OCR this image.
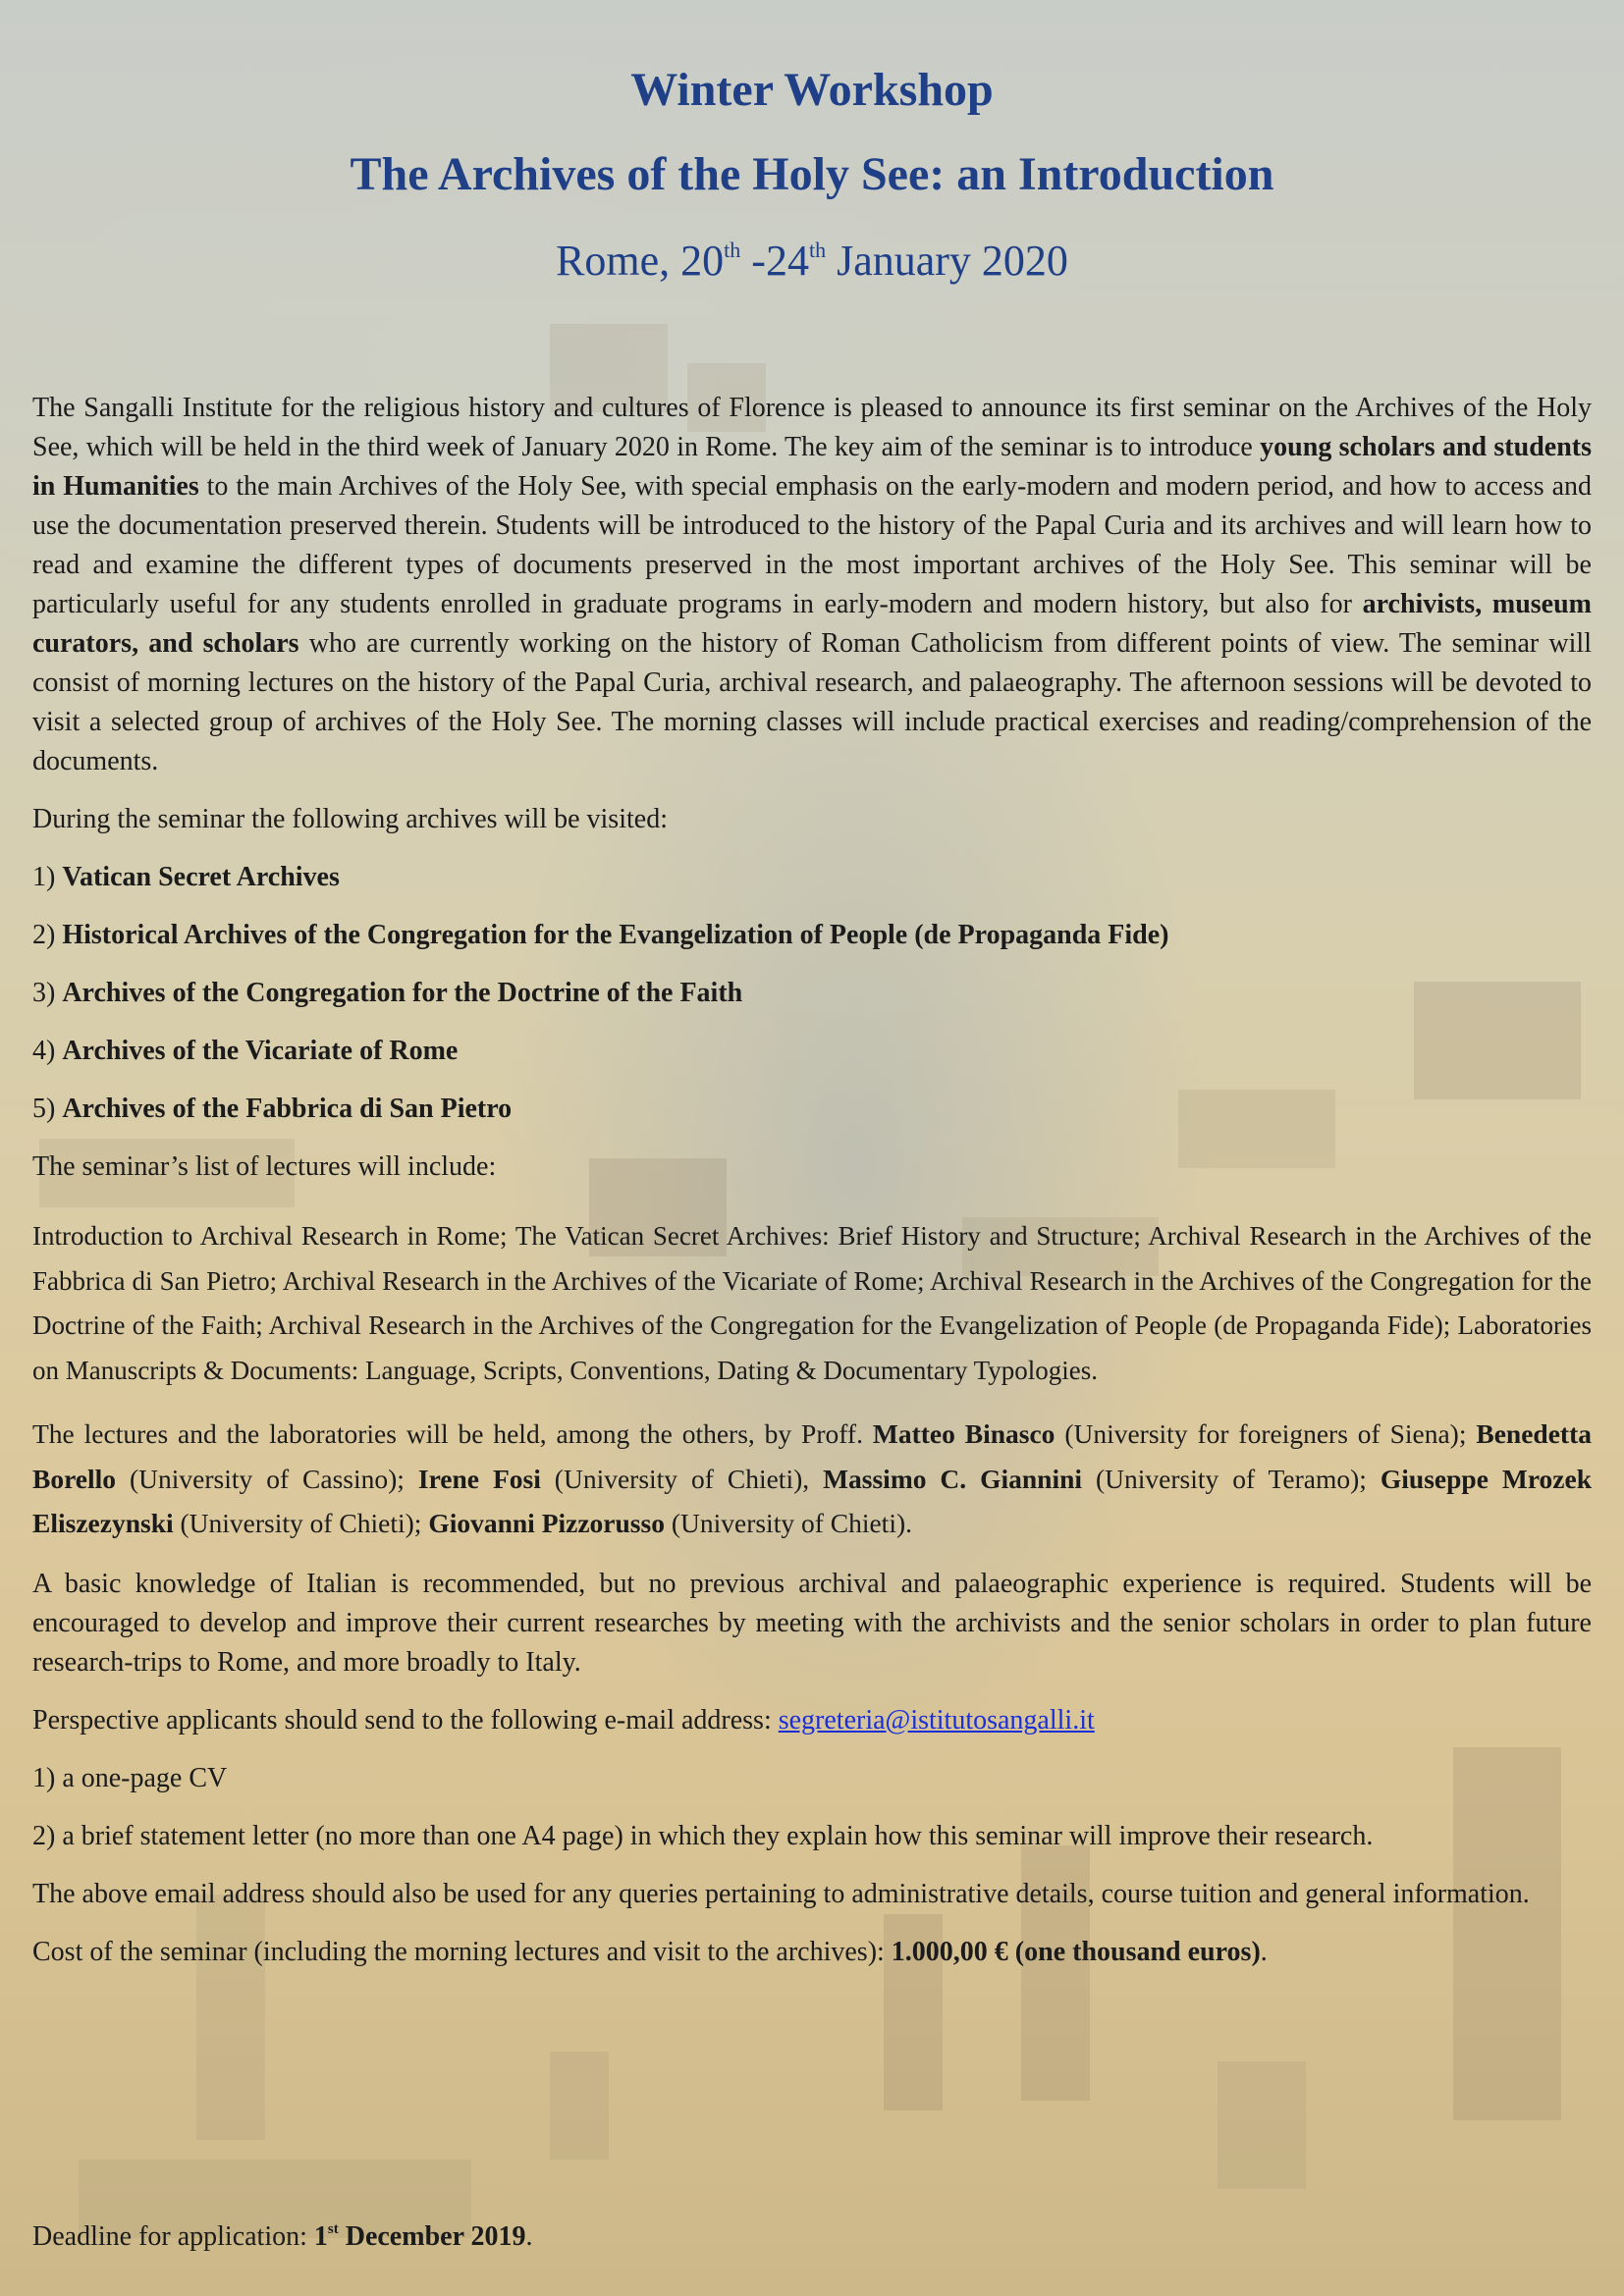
Winter Workshop
The Archives of the Holy See: an Introduction
Rome, 20th -24th January 2020

The Sangalli Institute for the religious history and cultures of Florence is pleased to announce its first seminar on the Archives of the Holy See, which will be held in the third week of January 2020 in Rome. The key aim of the seminar is to introduce young scholars and students in Humanities to the main Archives of the Holy See, with special emphasis on the early-modern and modern period, and how to access and use the documentation preserved therein. Students will be introduced to the history of the Papal Curia and its archives and will learn how to read and examine the different types of documents preserved in the most important archives of the Holy See. This seminar will be particularly useful for any students enrolled in graduate programs in early-modern and modern history, but also for archivists, museum curators, and scholars who are currently working on the history of Roman Catholicism from different points of view. The seminar will consist of morning lectures on the history of the Papal Curia, archival research, and palaeography. The afternoon sessions will be devoted to visit a selected group of archives of the Holy See. The morning classes will include practical exercises and reading/comprehension of the documents.

During the seminar the following archives will be visited:
1) Vatican Secret Archives
2) Historical Archives of the Congregation for the Evangelization of People (de Propaganda Fide)
3) Archives of the Congregation for the Doctrine of the Faith
4) Archives of the Vicariate of Rome
5) Archives of the Fabbrica di San Pietro
The seminar’s list of lectures will include:

Introduction to Archival Research in Rome; The Vatican Secret Archives: Brief History and Structure; Archival Research in the Archives of the Fabbrica di San Pietro; Archival Research in the Archives of the Vicariate of Rome; Archival Research in the Archives of the Congregation for the Doctrine of the Faith; Archival Research in the Archives of the Congregation for the Evangelization of People (de Propaganda Fide); Laboratories on Manuscripts & Documents: Language, Scripts, Conventions, Dating & Documentary Typologies.

The lectures and the laboratories will be held, among the others, by Proff. Matteo Binasco (University for foreigners of Siena); Benedetta Borello (University of Cassino); Irene Fosi (University of Chieti), Massimo C. Giannini (University of Teramo); Giuseppe Mrozek Eliszezynski (University of Chieti); Giovanni Pizzorusso (University of Chieti).

A basic knowledge of Italian is recommended, but no previous archival and palaeographic experience is required. Students will be encouraged to develop and improve their current researches by meeting with the archivists and the senior scholars in order to plan future research-trips to Rome, and more broadly to Italy.

Perspective applicants should send to the following e-mail address: segreteria@istitutosangalli.it
1) a one-page CV
2) a brief statement letter (no more than one A4 page) in which they explain how this seminar will improve their research.

The above email address should also be used for any queries pertaining to administrative details, course tuition and general information.

Cost of the seminar (including the morning lectures and visit to the archives): 1.000,00 € (one thousand euros).
Deadline for application: 1st December 2019.
